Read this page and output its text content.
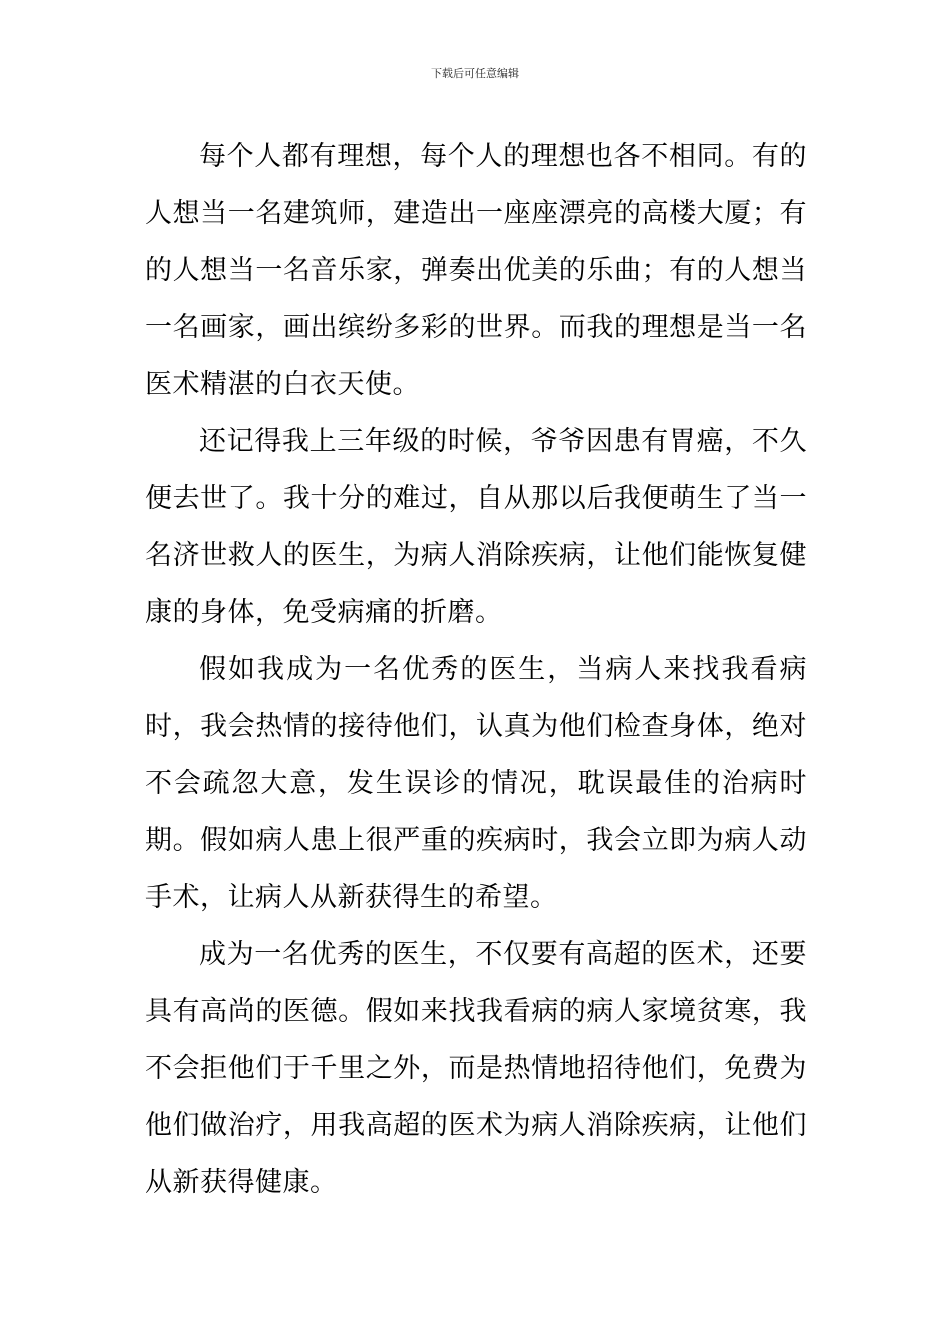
下载后可任意编辑

每个人都有理想，每个人的理想也各不相同。有的人想当一名建筑师，建造出一座座漂亮的高楼大厦；有的人想当一名音乐家，弹奏出优美的乐曲；有的人想当一名画家，画出缤纷多彩的世界。而我的理想是当一名医术精湛的白衣天使。

还记得我上三年级的时候，爷爷因患有胃癌，不久便去世了。我十分的难过，自从那以后我便萌生了当一名济世救人的医生，为病人消除疾病，让他们能恢复健康的身体，免受病痛的折磨。

假如我成为一名优秀的医生，当病人来找我看病时，我会热情的接待他们，认真为他们检查身体，绝对不会疏忽大意，发生误诊的情况，耽误最佳的治病时期。假如病人患上很严重的疾病时，我会立即为病人动手术，让病人从新获得生的希望。

成为一名优秀的医生，不仅要有高超的医术，还要具有高尚的医德。假如来找我看病的病人家境贫寒，我不会拒他们于千里之外，而是热情地招待他们，免费为他们做治疗，用我高超的医术为病人消除疾病，让他们从新获得健康。
